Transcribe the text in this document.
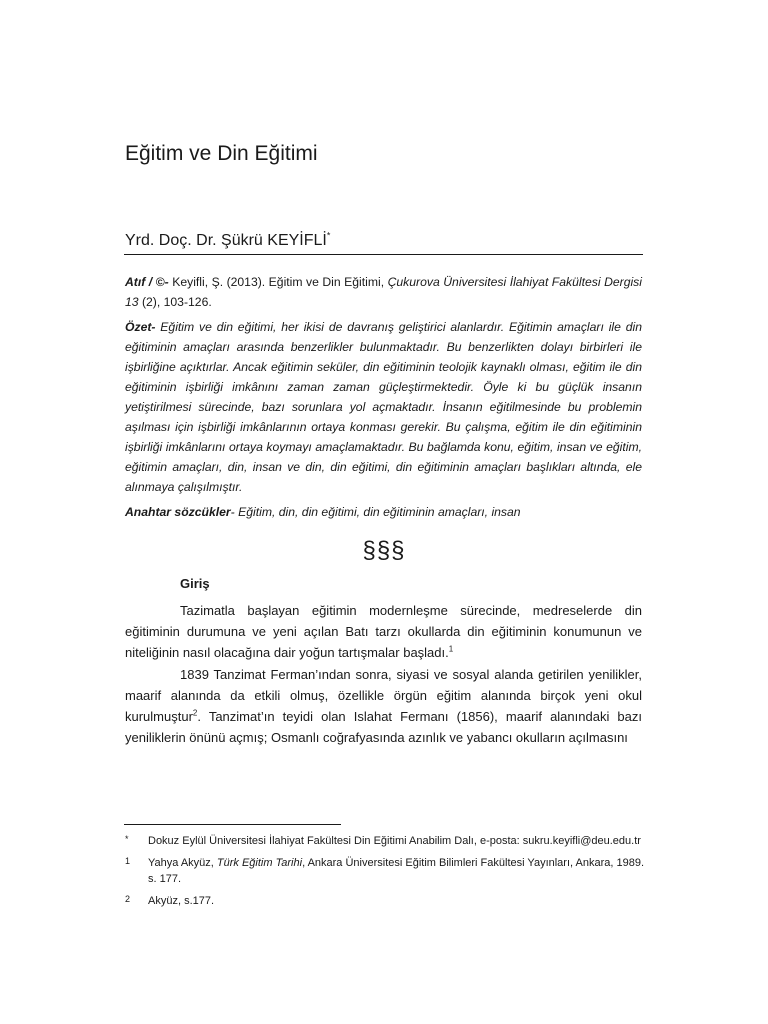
Eğitim ve Din Eğitimi
Yrd. Doç. Dr. Şükrü KEYİFLİ*

Atıf / ©- Keyifli, Ş. (2013). Eğitim ve Din Eğitimi, Çukurova Üniversitesi İlahiyat Fakültesi Dergisi 13 (2), 103-126.

Özet- Eğitim ve din eğitimi, her ikisi de davranış geliştirici alanlardır. Eğitimin amaçları ile din eğitiminin amaçları arasında benzerlikler bulunmaktadır. Bu benzerlikten dolayı birbirleri ile işbirliğine açıktırlar. Ancak eğitimin seküler, din eğitiminin teolojik kaynaklı olması, eğitim ile din eğitiminin işbirliği imkânını zaman zaman güçleştirmektedir. Öyle ki bu güçlük insanın yetiştirilmesi sürecinde, bazı sorunlara yol açmaktadır. İnsanın eğitilmesinde bu problemin aşılması için işbirliği imkânlarının ortaya konması gerekir. Bu çalışma, eğitim ile din eğitiminin işbirliği imkânlarını ortaya koymayı amaçlamaktadır. Bu bağlamda konu, eğitim, insan ve eğitim, eğitimin amaçları, din, insan ve din, din eğitimi, din eğitiminin amaçları başlıkları altında, ele alınmaya çalışılmıştır.

Anahtar sözcükler- Eğitim, din, din eğitimi, din eğitiminin amaçları, insan

§§§
Giriş

Tazimatla başlayan eğitimin modernleşme sürecinde, medreselerde din eğitiminin durumuna ve yeni açılan Batı tarzı okullarda din eğitiminin konumunun ve niteliğinin nasıl olacağına dair yoğun tartışmalar başladı.$^1$

1839 Tanzimat Ferman’ından sonra, siyasi ve sosyal alanda getirilen yenilikler, maarif alanında da etkili olmuş, özellikle örgün eğitim alanında birçok yeni okul kurulmuştur$^2$. Tanzimat’ın teyidi olan Islahat Fermanı (1856), maarif alanındaki bazı yeniliklerin önünü açmış; Osmanlı coğrafyasında azınlık ve yabancı okulların açılmasını

* Dokuz Eylül Üniversitesi İlahiyat Fakültesi Din Eğitimi Anabilim Dalı, e-posta: sukru.keyifli@deu.edu.tr
1 Yahya Akyüz, Türk Eğitim Tarihi, Ankara Üniversitesi Eğitim Bilimleri Fakültesi Yayınları, Ankara, 1989. s. 177.
2 Akyüz, s.177.
